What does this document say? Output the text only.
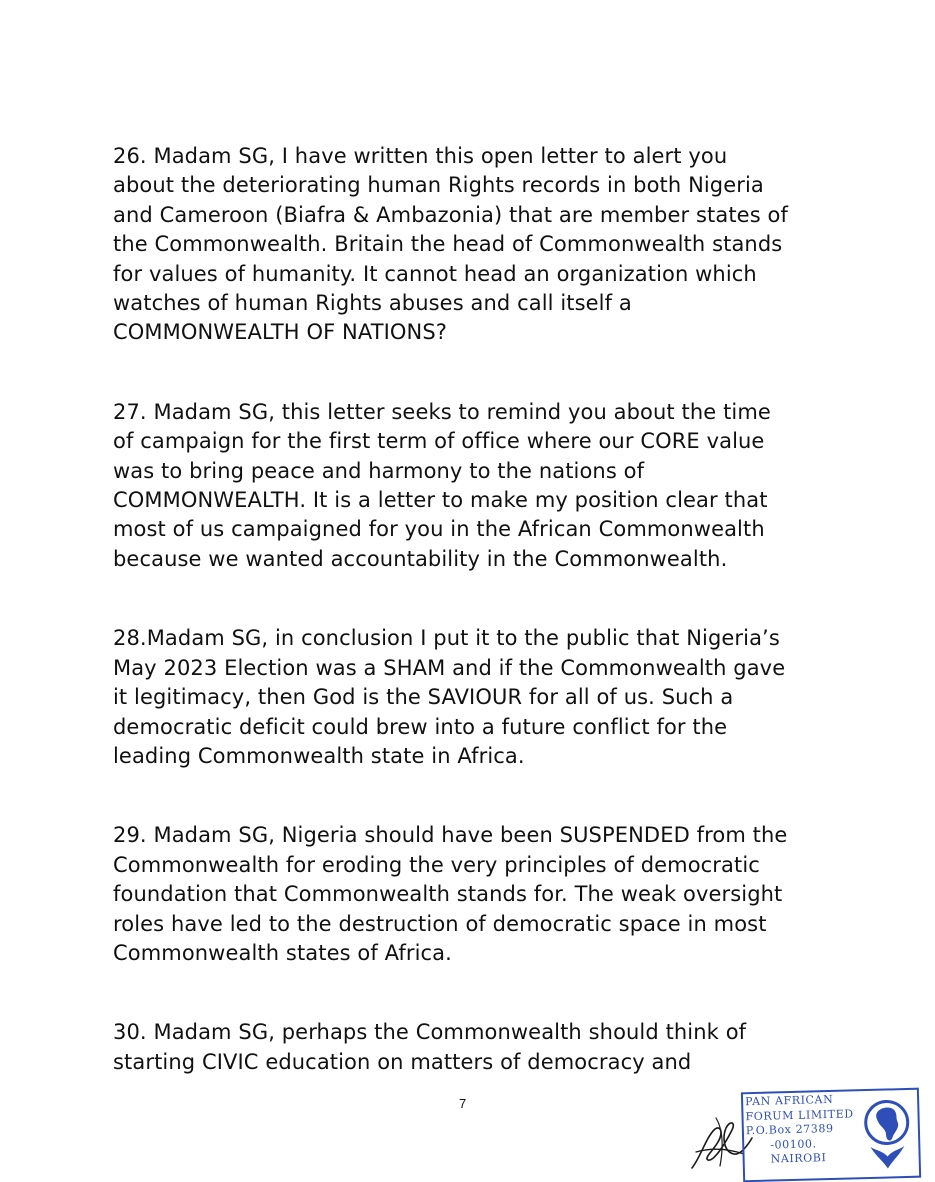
26. Madam SG, I have written this open letter to alert you
about the deteriorating human Rights records in both Nigeria
and Cameroon (Biafra & Ambazonia) that are member states of
the Commonwealth. Britain the head of Commonwealth stands
for values of humanity. It cannot head an organization which
watches of human Rights abuses and call itself a
COMMONWEALTH OF NATIONS?

27. Madam SG, this letter seeks to remind you about the time
of campaign for the first term of office where our CORE value
was to bring peace and harmony to the nations of
COMMONWEALTH. It is a letter to make my position clear that
most of us campaigned for you in the African Commonwealth
because we wanted accountability in the Commonwealth.

28.Madam SG, in conclusion I put it to the public that Nigeria’s
May 2023 Election was a SHAM and if the Commonwealth gave
it legitimacy, then God is the SAVIOUR for all of us. Such a
democratic deficit could brew into a future conflict for the
leading Commonwealth state in Africa.

29. Madam SG, Nigeria should have been SUSPENDED from the
Commonwealth for eroding the very principles of democratic
foundation that Commonwealth stands for. The weak oversight
roles have led to the destruction of democratic space in most
Commonwealth states of Africa.

30. Madam SG, perhaps the Commonwealth should think of
starting CIVIC education on matters of democracy and

7	PAN AFRICAN
FORUM LIMITED
P.O.Box 27389
-00100.
NAIROBI
